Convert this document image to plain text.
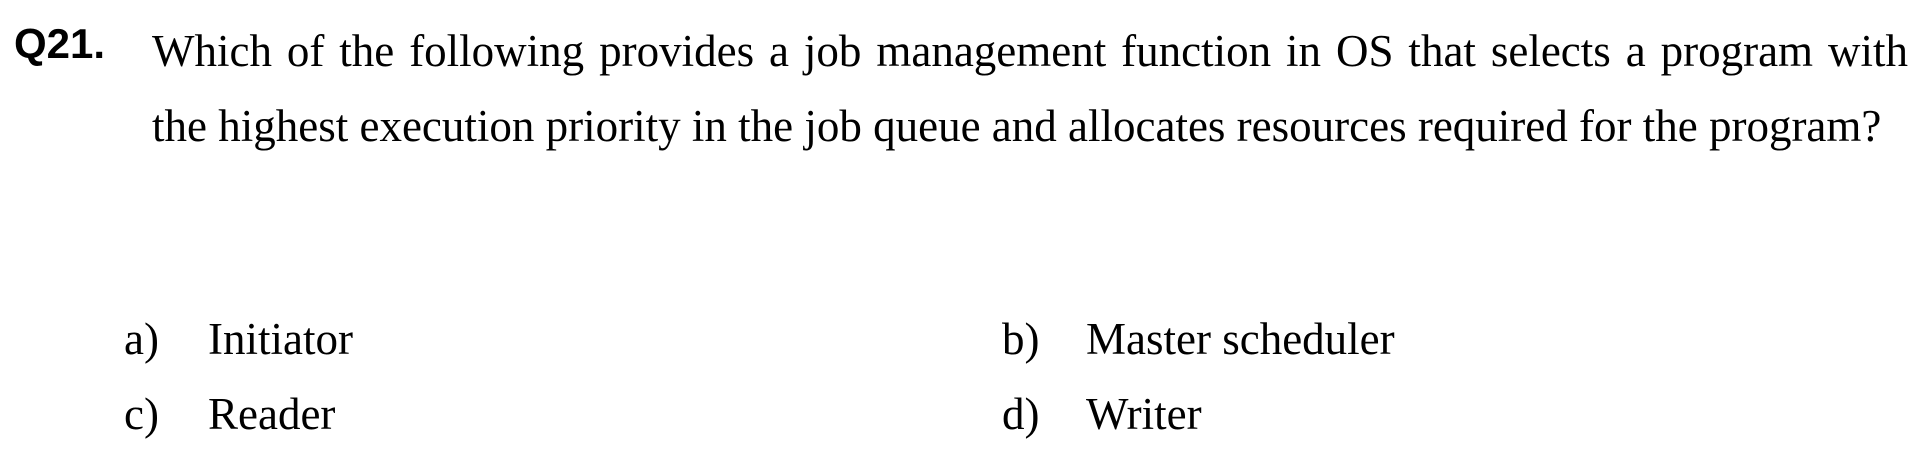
Q21. Which of the following provides a job management function in OS that selects a program with the highest execution priority in the job queue and allocates resources required for the program?
a) Initiator	b) Master scheduler
c) Reader	d) Writer
